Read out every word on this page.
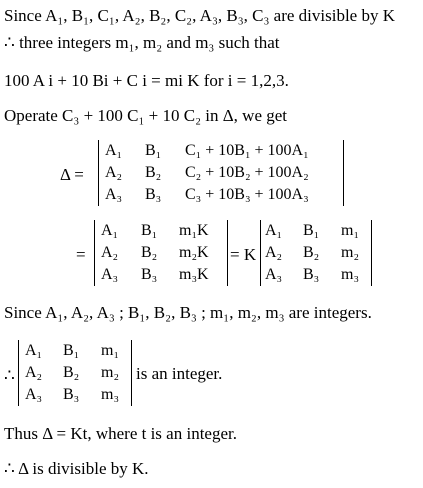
Since A₁, B₁, C₁, A₂, B₂, C₂, A₃, B₃, C₃ are divisible by K
∴ three integers m₁, m₂ and m₃ such that
100 A i + 10 Bi + C i = mi K for i = 1,2,3.
Operate C₃ + 100 C₁ + 10 C₂ in Δ, we get
Δ =
A₁ B₁ C₁ + 10B₁ + 100A₁
A₂ B₂ C₂ + 10B₂ + 100A₂
A₃ B₃ C₃ + 10B₃ + 100A₃
=
A₁ B₁ m₁K
A₂ B₂ m₂K
A₃ B₃ m₃K
= K
A₁ B₁ m₁
A₂ B₂ m₂
A₃ B₃ m₃
Since A₁, A₂, A₃ ; B₁, B₂, B₃ ; m₁, m₂, m₃ are integers.
∴
A₁ B₁ m₁
A₂ B₂ m₂
A₃ B₃ m₃
is an integer.
Thus Δ = Kt, where t is an integer.
∴ Δ is divisible by K.
